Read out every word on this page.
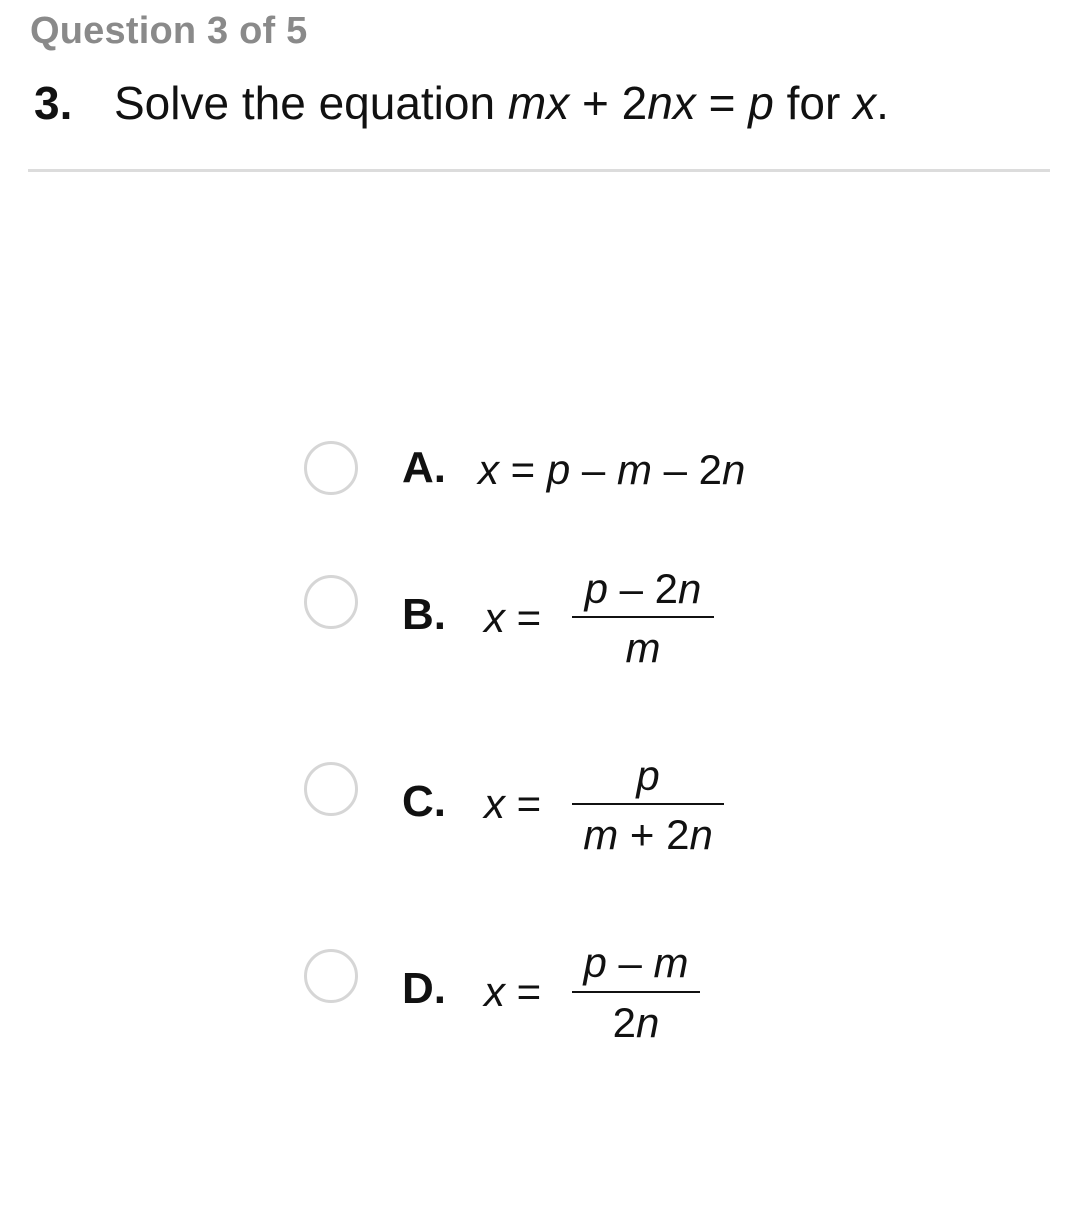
Question 3 of 5
3. Solve the equation mx + 2nx = p for x.
A. x = p – m – 2n
B. x =
p – 2n
m
C. x =
p
m + 2n
D. x =
p – m
2n
